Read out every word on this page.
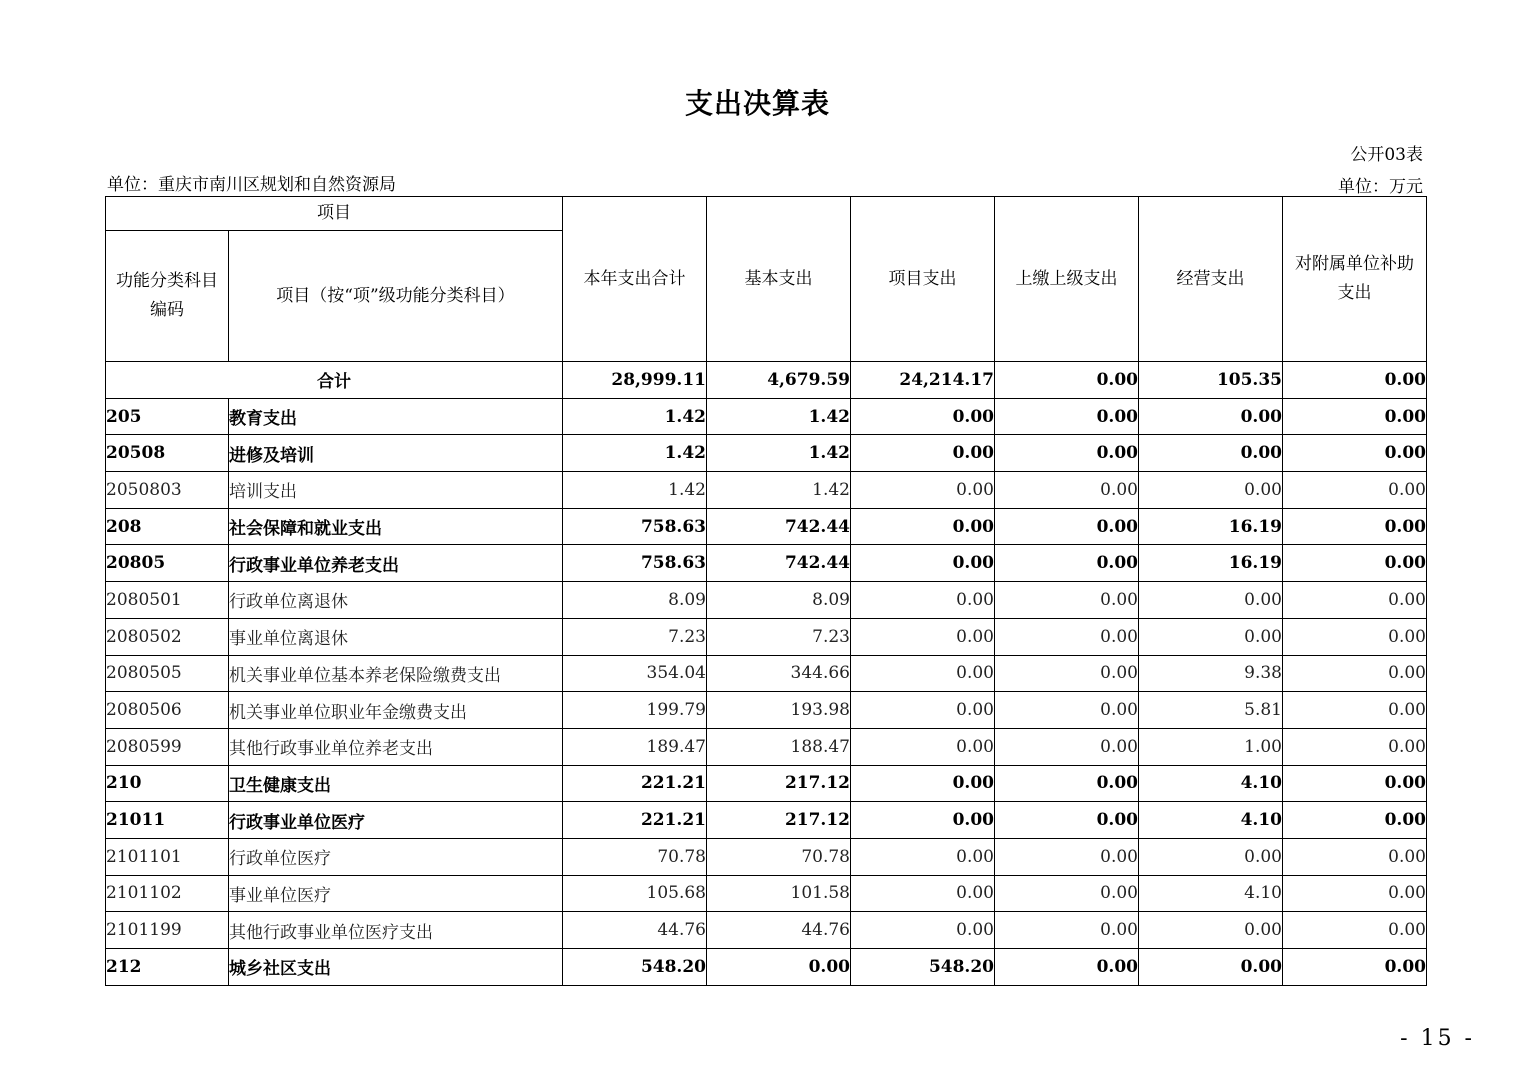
支出决算表
公开03表
单位：重庆市南川区规划和自然资源局	单位：万元
项目		本年支出合计	基本支出	项目支出	上缴上级支出	经营支出	对附属单位补助支出
功能分类科目编码	项目（按“项”级功能分类科目）						
合计		28,999.11	4,679.59	24,214.17	0.00	105.35	0.00
205	教育支出	1.42	1.42	0.00	0.00	0.00	0.00
20508	进修及培训	1.42	1.42	0.00	0.00	0.00	0.00
2050803	培训支出	1.42	1.42	0.00	0.00	0.00	0.00
208	社会保障和就业支出	758.63	742.44	0.00	0.00	16.19	0.00
20805	行政事业单位养老支出	758.63	742.44	0.00	0.00	16.19	0.00
2080501	行政单位离退休	8.09	8.09	0.00	0.00	0.00	0.00
2080502	事业单位离退休	7.23	7.23	0.00	0.00	0.00	0.00
2080505	机关事业单位基本养老保险缴费支出	354.04	344.66	0.00	0.00	9.38	0.00
2080506	机关事业单位职业年金缴费支出	199.79	193.98	0.00	0.00	5.81	0.00
2080599	其他行政事业单位养老支出	189.47	188.47	0.00	0.00	1.00	0.00
210	卫生健康支出	221.21	217.12	0.00	0.00	4.10	0.00
21011	行政事业单位医疗	221.21	217.12	0.00	0.00	4.10	0.00
2101101	行政单位医疗	70.78	70.78	0.00	0.00	0.00	0.00
2101102	事业单位医疗	105.68	101.58	0.00	0.00	4.10	0.00
2101199	其他行政事业单位医疗支出	44.76	44.76	0.00	0.00	0.00	0.00
212	城乡社区支出	548.20	0.00	548.20	0.00	0.00	0.00
- 15 -
